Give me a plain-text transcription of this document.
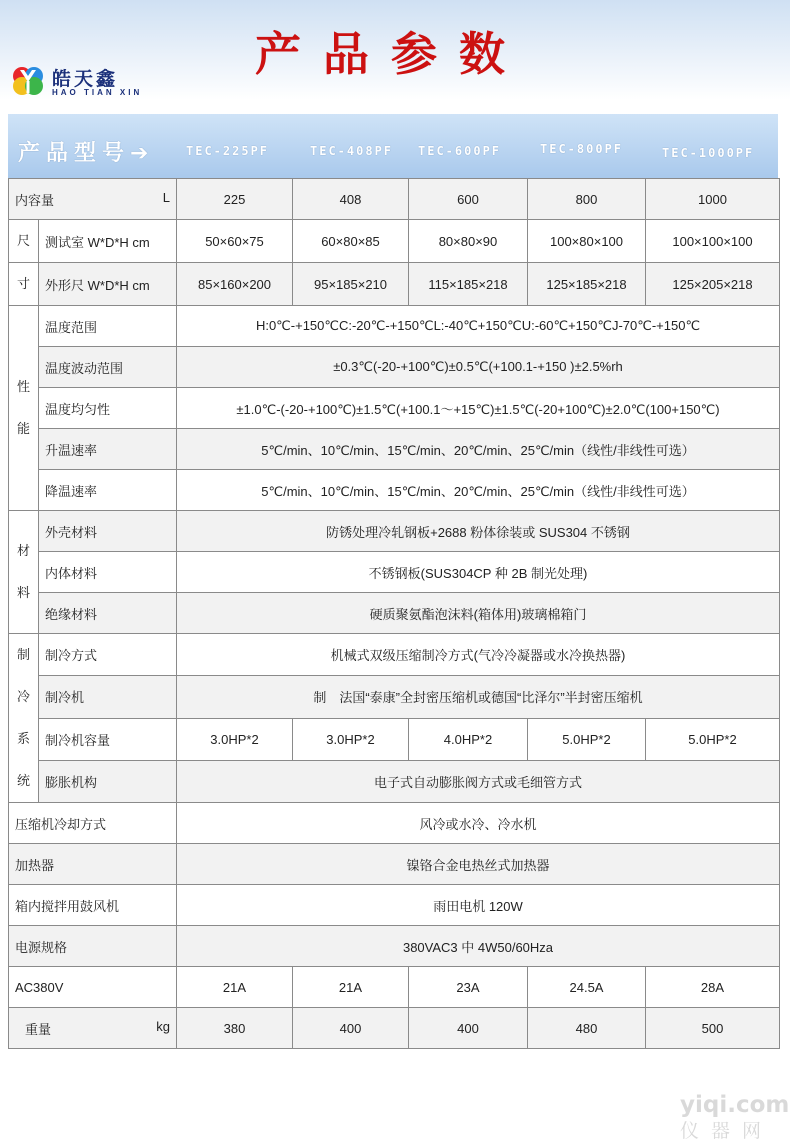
皓天鑫
HAO TIAN XIN
产品参数
产品型号➔	TEC-225PF	TEC-408PF TEC-600PF	TEC-800PF	TEC-1000PF
内容量 L		225	408	600	800	1000
尺	测试室 W*D*H cm	50×60×75	60×80×85	80×80×90	100×80×100	100×100×100
寸	外形尺 W*D*H cm	85×160×200	95×185×210	115×185×218	125×185×218	125×205×218
性
能	温度范围	H:0℃-+150℃C:-20℃-+150℃L:-40℃+150℃U:-60℃+150℃J-70℃-+150℃				
	温度波动范围	±0.3℃(-20-+100℃)±0.5℃(+100.1-+150 )±2.5%rh				
	温度均匀性	±1.0℃-(-20-+100℃)±1.5℃(+100.1～+15℃)±1.5℃(-20+100℃)±2.0℃(100+150℃)				
	升温速率	5℃/min、10℃/min、15℃/min、20℃/min、25℃/min（线性/非线性可选）				
	降温速率	5℃/min、10℃/min、15℃/min、20℃/min、25℃/min（线性/非线性可选）				
材
料	外壳材料	防锈处理冷轧钢板+2688 粉体徐装或 SUS304 不锈钢				
	内体材料	不锈钢板(SUS304CP 种 2B 制光处理)				
	绝缘材料	硬质聚氨酯泡沫料(箱体用)玻璃棉箱门				
制
冷
系
统	制冷方式	机械式双级压缩制冷方式(气冷冷凝器或水冷换热器)				
	制冷机	制　法国“泰康”全封密压缩机或德国“比泽尔”半封密压缩机				
	制冷机容量	3.0HP*2	3.0HP*2	4.0HP*2	5.0HP*2	5.0HP*2
	膨胀机构	电子式自动膨胀阀方式或毛细管方式				
压缩机冷却方式		风冷或水冷、冷水机				
加热器		镍铬合金电热丝式加热器				
箱内搅拌用鼓风机		雨田电机 120W				
电源规格		380VAC3 中 4W50/60Hza				
AC380V		21A	21A	23A	24.5A	28A
重量 kg		380	400	400	480	500
yiqi.com
仪器网
